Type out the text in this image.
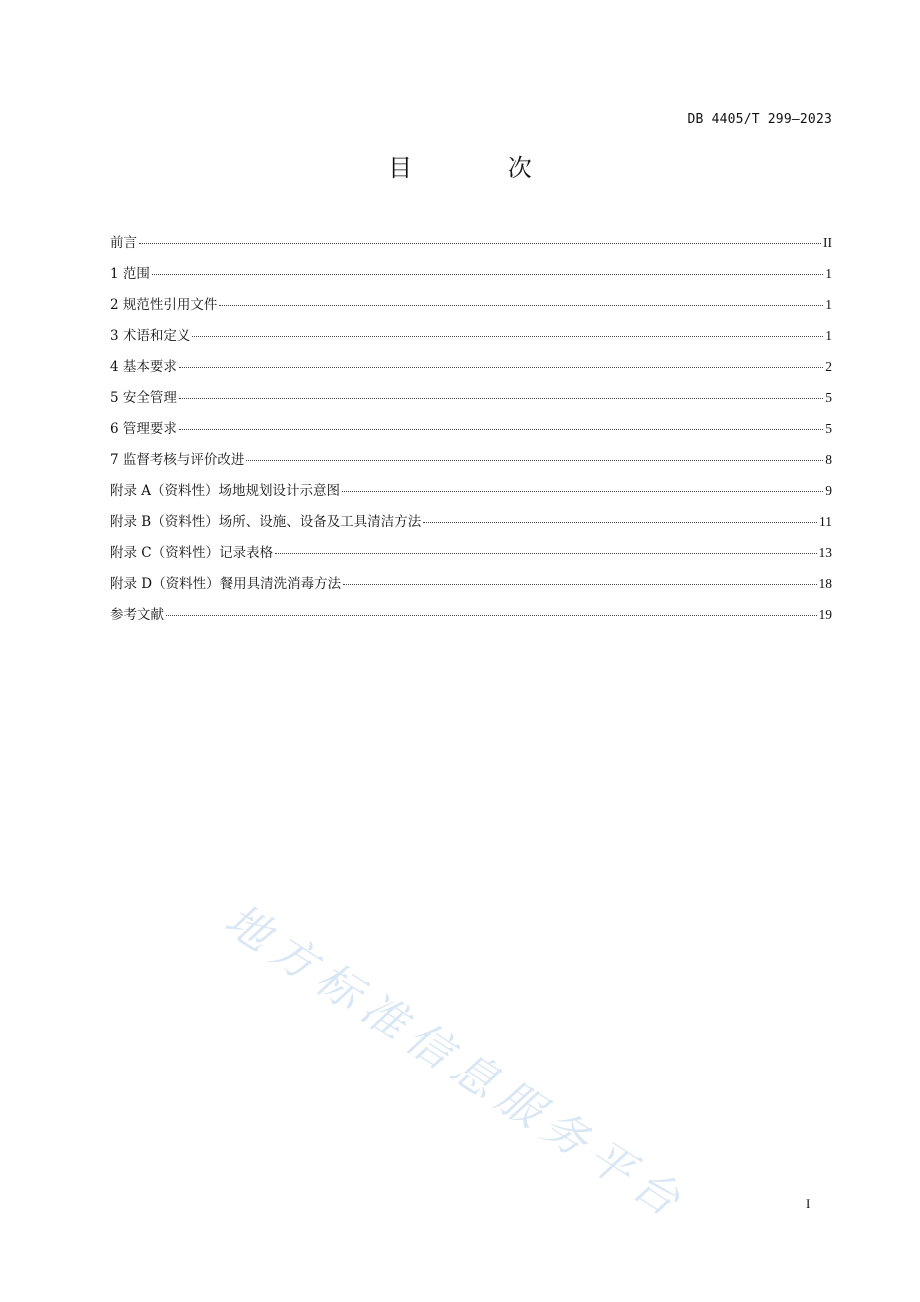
DB 4405/T 299—2023
目 次
前言	II
1 范围	1
2 规范性引用文件	1
3 术语和定义	1
4 基本要求	2
5 安全管理	5
6 管理要求	5
7 监督考核与评价改进	8
附录 A（资料性）场地规划设计示意图	9
附录 B（资料性）场所、设施、设备及工具清洁方法	11
附录 C（资料性）记录表格	13
附录 D（资料性）餐用具清洗消毒方法	18
参考文献	19
地方标准信息服务平台	I
